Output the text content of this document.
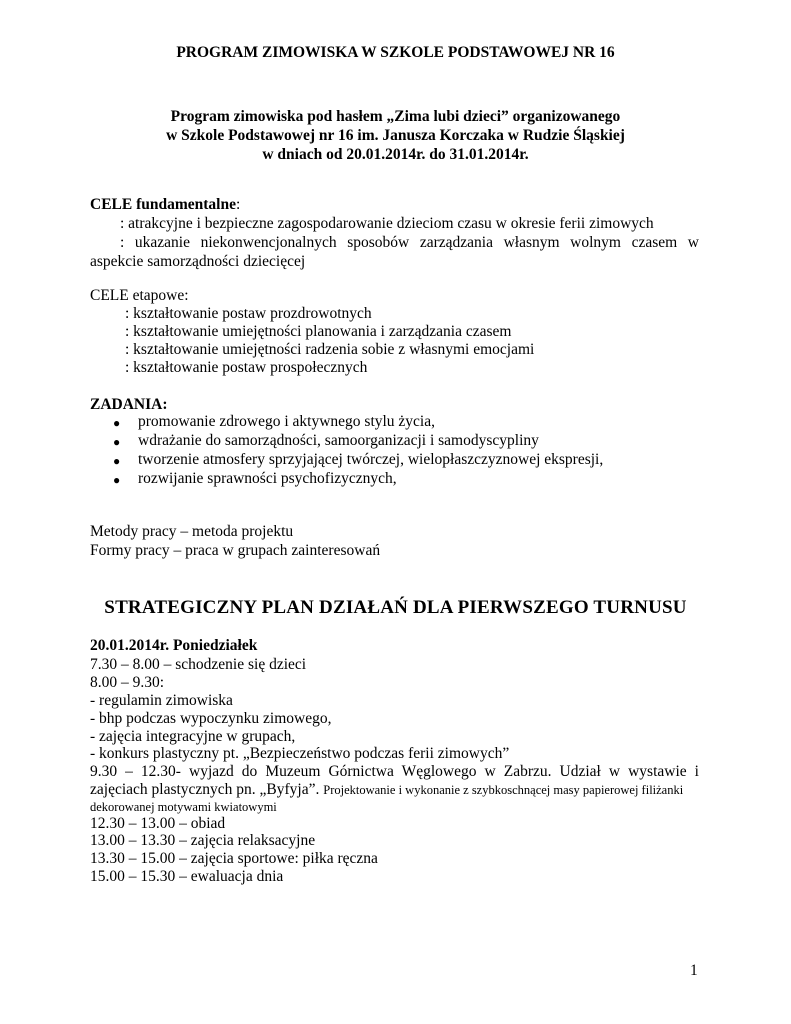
PROGRAM ZIMOWISKA W SZKOLE PODSTAWOWEJ NR 16
Program zimowiska pod hasłem „Zima lubi dzieci” organizowanego
w Szkole Podstawowej nr 16 im. Janusza Korczaka w Rudzie Śląskiej
w dniach od 20.01.2014r. do 31.01.2014r.
CELE fundamentalne:
: atrakcyjne i bezpieczne zagospodarowanie dzieciom czasu w okresie ferii zimowych
: ukazanie niekonwencjonalnych sposobów zarządzania własnym wolnym czasem w
aspekcie samorządności dziecięcej
CELE etapowe:
: kształtowanie postaw prozdrowotnych
: kształtowanie umiejętności planowania i zarządzania czasem
: kształtowanie umiejętności radzenia sobie z własnymi emocjami
: kształtowanie postaw prospołecznych
ZADANIA:
● promowanie zdrowego i aktywnego stylu życia,
● wdrażanie do samorządności, samoorganizacji i samodyscypliny
● tworzenie atmosfery sprzyjającej twórczej, wielopłaszczyznowej ekspresji,
● rozwijanie sprawności psychofizycznych,
Metody pracy – metoda projektu
Formy pracy – praca w grupach zainteresowań
STRATEGICZNY PLAN DZIAŁAŃ DLA PIERWSZEGO TURNUSU
20.01.2014r. Poniedziałek
7.30 – 8.00 – schodzenie się dzieci
8.00 – 9.30:
- regulamin zimowiska
- bhp podczas wypoczynku zimowego,
- zajęcia integracyjne w grupach,
- konkurs plastyczny pt. „Bezpieczeństwo podczas ferii zimowych”
9.30 – 12.30- wyjazd do Muzeum Górnictwa Węglowego w Zabrzu. Udział w wystawie i
zajęciach plastycznych pn. „Byfyja”. Projektowanie i wykonanie z szybkoschnącej masy papierowej filiżanki
dekorowanej motywami kwiatowymi
12.30 – 13.00 – obiad
13.00 – 13.30 – zajęcia relaksacyjne
13.30 – 15.00 – zajęcia sportowe: piłka ręczna
15.00 – 15.30 – ewaluacja dnia
1
